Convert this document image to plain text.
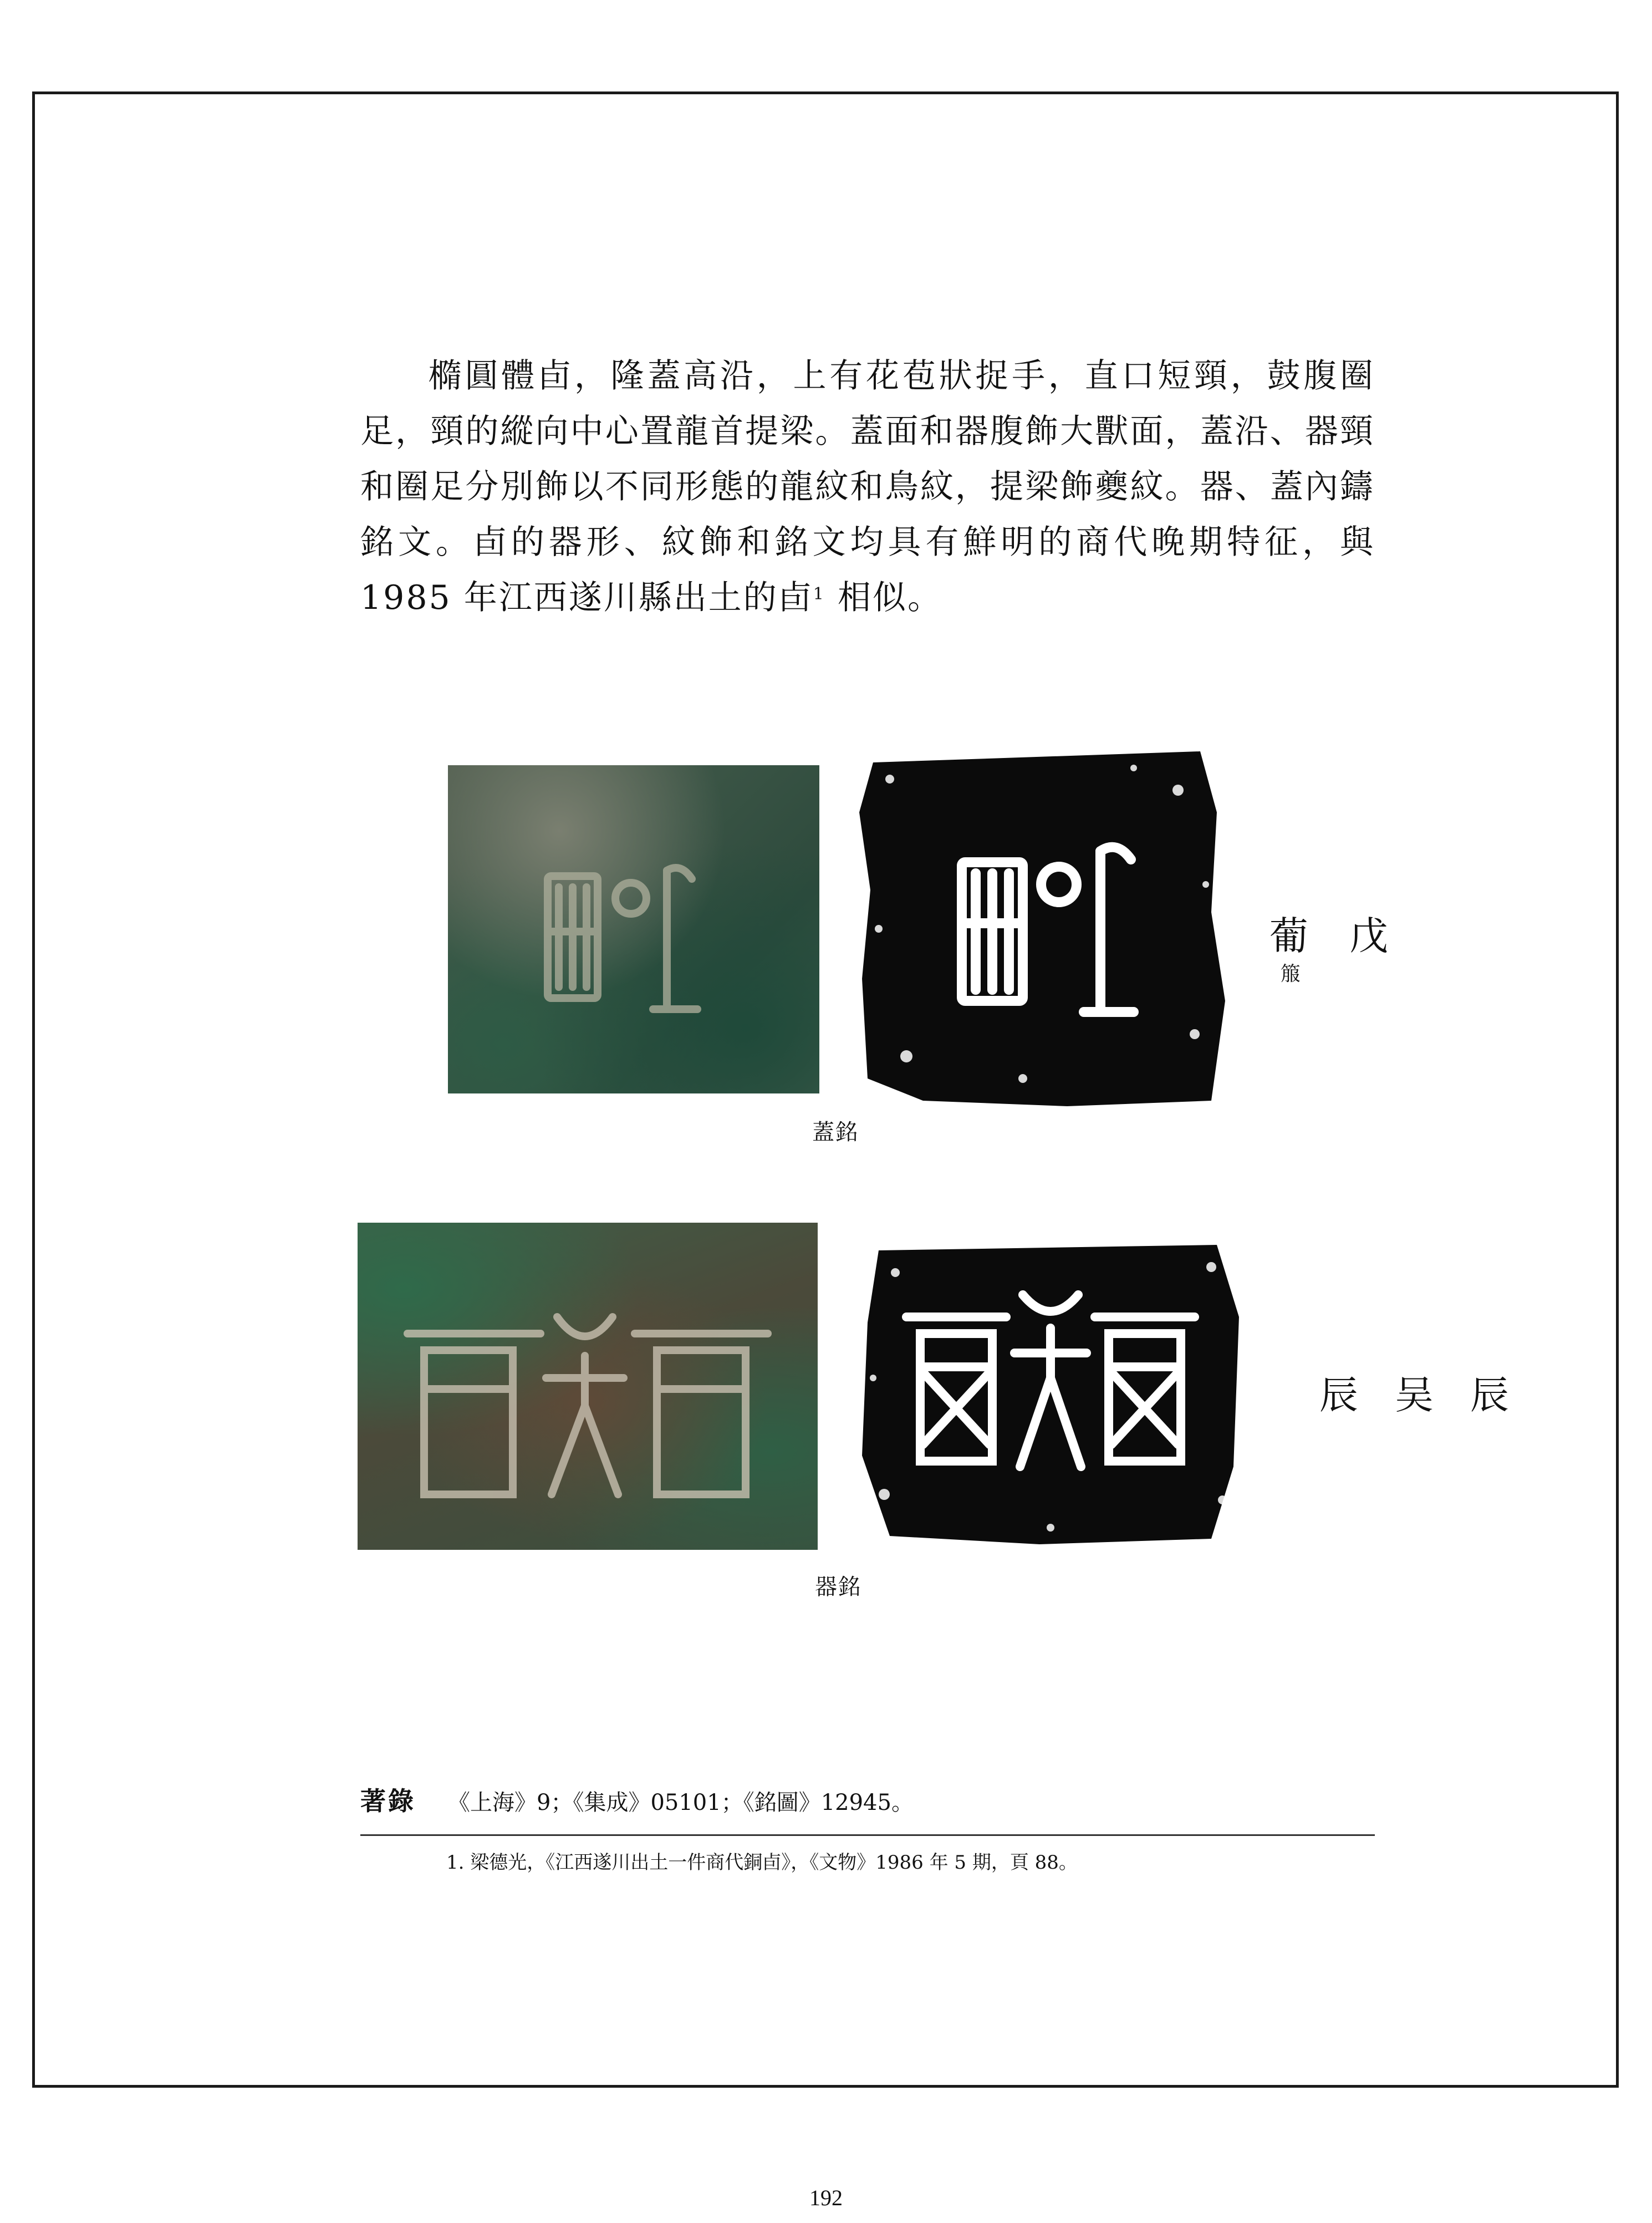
橢圓體卣，隆蓋高沿，上有花苞狀捉手，直口短頸，鼓腹圈足，頸的縱向中心置龍首提梁。蓋面和器腹飾大獸面，蓋沿、器頸和圈足分別飾以不同形態的龍紋和鳥紋，提梁飾夔紋。器、蓋內鑄銘文。卣的器形、紋飾和銘文均具有鮮明的商代晚期特征，與 1985 年江西遂川縣出土的卣$^1$ 相似。

葡 戊
箙
蓋銘
辰 吴 辰
器銘
著錄 《上海》9；《集成》05101；《銘圖》12945。
1. 梁德光，《江西遂川出土一件商代銅卣》，《文物》1986 年 5 期，頁 88。
192
